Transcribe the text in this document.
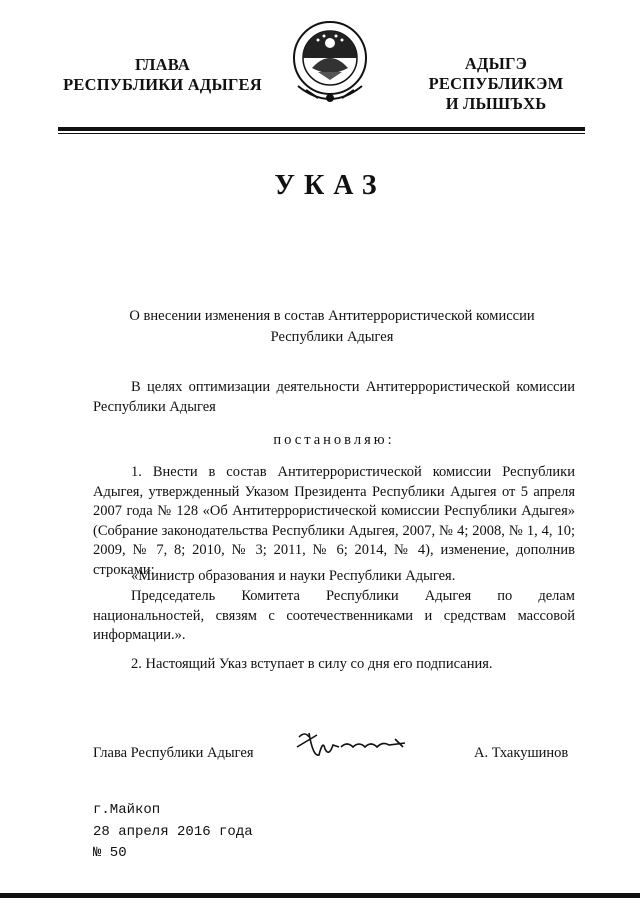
ГЛАВА
РЕСПУБЛИКИ АДЫГЕЯ
АДЫГЭ РЕСПУБЛИКЭМ
И ЛЫШЪХЬ
УКАЗ
О внесении изменения в состав Антитеррористической комиссии
Республики Адыгея
В целях оптимизации деятельности Антитеррористической комиссии Республики Адыгея
постановляю:
1. Внести в состав Антитеррористической комиссии Республики Адыгея, утвержденный Указом Президента Республики Адыгея от 5 апреля 2007 года № 128 «Об Антитеррористической комиссии Республики Адыгея» (Собрание законодательства Республики Адыгея, 2007, № 4; 2008, № 1, 4, 10; 2009, № 7, 8; 2010, № 3; 2011, № 6; 2014, № 4), изменение, дополнив строками:
«Министр образования и науки Республики Адыгея.
Председатель Комитета Республики Адыгея по делам национальностей, связям с соотечественниками и средствам массовой информации.».
2. Настоящий Указ вступает в силу со дня его подписания.
Глава Республики Адыгея	А. Тхакушинов
г.Майкоп
28 апреля 2016 года
№ 50
